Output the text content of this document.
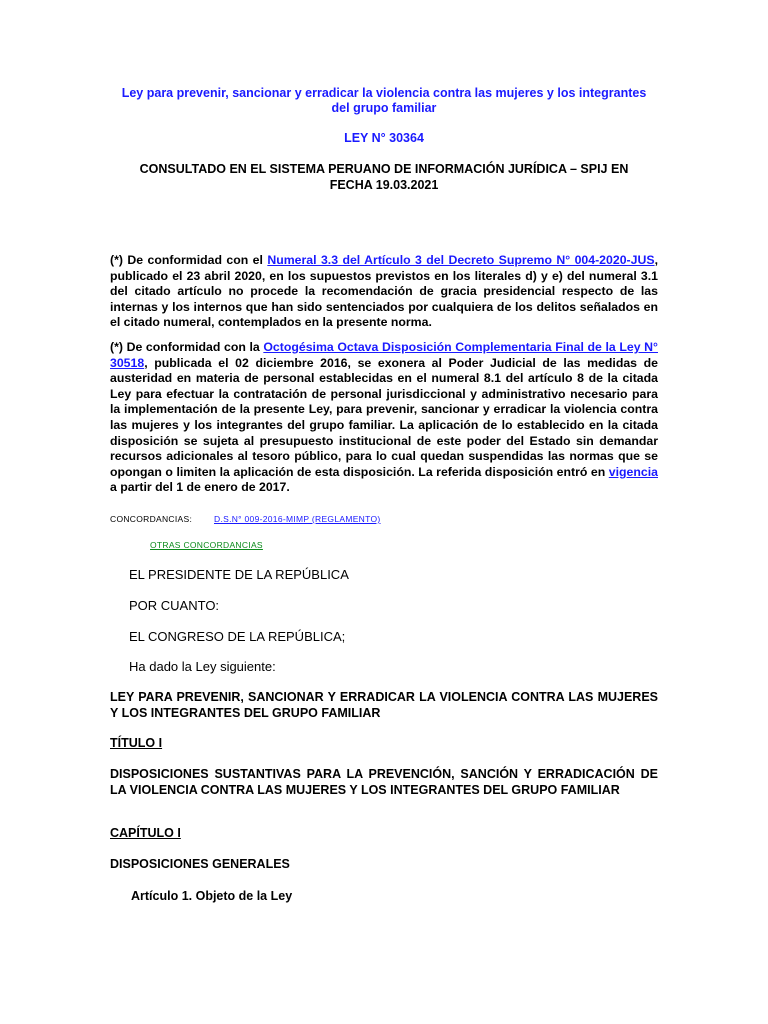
Ley para prevenir, sancionar y erradicar la violencia contra las mujeres y los integrantes
del grupo familiar
LEY N° 30364
CONSULTADO EN EL SISTEMA PERUANO DE INFORMACIÓN JURÍDICA – SPIJ EN
FECHA 19.03.2021
(*) De conformidad con el Numeral 3.3 del Artículo 3 del Decreto Supremo N° 004-2020-JUS, publicado el 23 abril 2020, en los supuestos previstos en los literales d) y e) del numeral 3.1 del citado artículo no procede la recomendación de gracia presidencial respecto de las internas y los internos que han sido sentenciados por cualquiera de los delitos señalados en el citado numeral, contemplados en la presente norma.
(*) De conformidad con la Octogésima Octava Disposición Complementaria Final de la Ley N° 30518, publicada el 02 diciembre 2016, se exonera al Poder Judicial de las medidas de austeridad en materia de personal establecidas en el numeral 8.1 del artículo 8 de la citada Ley para efectuar la contratación de personal jurisdiccional y administrativo necesario para la implementación de la presente Ley, para prevenir, sancionar y erradicar la violencia contra las mujeres y los integrantes del grupo familiar. La aplicación de lo establecido en la citada disposición se sujeta al presupuesto institucional de este poder del Estado sin demandar recursos adicionales al tesoro público, para lo cual quedan suspendidas las normas que se opongan o limiten la aplicación de esta disposición. La referida disposición entró en vigencia a partir del 1 de enero de 2017.
CONCORDANCIAS:	D.S.N° 009-2016-MIMP (REGLAMENTO)
OTRAS CONCORDANCIAS
EL PRESIDENTE DE LA REPÚBLICA
POR CUANTO:
EL CONGRESO DE LA REPÚBLICA;
Ha dado la Ley siguiente:
LEY PARA PREVENIR, SANCIONAR Y ERRADICAR LA VIOLENCIA CONTRA LAS MUJERES Y LOS INTEGRANTES DEL GRUPO FAMILIAR
TÍTULO I
DISPOSICIONES SUSTANTIVAS PARA LA PREVENCIÓN, SANCIÓN Y ERRADICACIÓN DE LA VIOLENCIA CONTRA LAS MUJERES Y LOS INTEGRANTES DEL GRUPO FAMILIAR
CAPÍTULO I
DISPOSICIONES GENERALES
Artículo 1. Objeto de la Ley
